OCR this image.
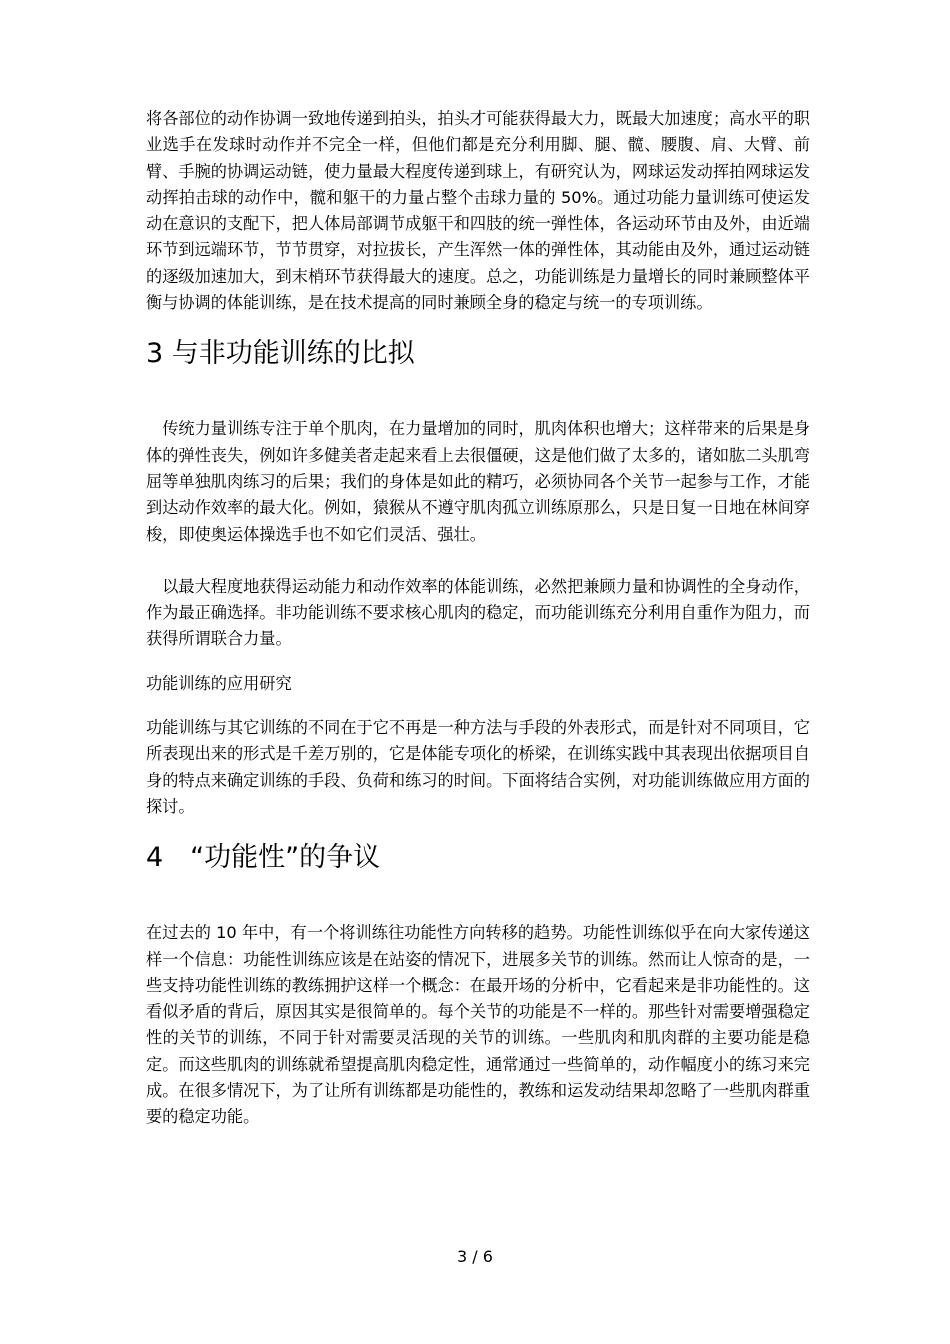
将各部位的动作协调一致地传递到拍头，拍头才可能获得最大力，既最大加速度；高水平的职业选手在发球时动作并不完全一样，但他们都是充分利用脚、腿、髋、腰腹、肩、大臂、前臂、手腕的协调运动链，使力量最大程度传递到球上，有研究认为，网球运发动挥拍网球运发动挥拍击球的动作中，髋和躯干的力量占整个击球力量的 50%。通过功能力量训练可使运发动在意识的支配下，把人体局部调节成躯干和四肢的统一弹性体，各运动环节由及外，由近端环节到远端环节，节节贯穿，对拉拔长，产生浑然一体的弹性体，其动能由及外，通过运动链的逐级加速加大，到末梢环节获得最大的速度。总之，功能训练是力量增长的同时兼顾整体平衡与协调的体能训练，是在技术提高的同时兼顾全身的稳定与统一的专项训练。

3 与非功能训练的比拟

传统力量训练专注于单个肌肉，在力量增加的同时，肌肉体积也增大；这样带来的后果是身体的弹性丧失，例如许多健美者走起来看上去很僵硬，这是他们做了太多的，诸如肱二头肌弯屈等单独肌肉练习的后果；我们的身体是如此的精巧，必须协同各个关节一起参与工作，才能到达动作效率的最大化。例如，猿猴从不遵守肌肉孤立训练原那么，只是日复一日地在林间穿梭，即使奥运体操选手也不如它们灵活、强壮。

以最大程度地获得运动能力和动作效率的体能训练，必然把兼顾力量和协调性的全身动作，作为最正确选择。非功能训练不要求核心肌肉的稳定，而功能训练充分利用自重作为阻力，而获得所谓联合力量。

功能训练的应用研究

功能训练与其它训练的不同在于它不再是一种方法与手段的外表形式，而是针对不同项目，它所表现出来的形式是千差万别的，它是体能专项化的桥梁，在训练实践中其表现出依据项目自身的特点来确定训练的手段、负荷和练习的时间。下面将结合实例，对功能训练做应用方面的探讨。

4　“功能性”的争议

在过去的 10 年中，有一个将训练往功能性方向转移的趋势。功能性训练似乎在向大家传递这样一个信息：功能性训练应该是在站姿的情况下，进展多关节的训练。然而让人惊奇的是，一些支持功能性训练的教练拥护这样一个概念：在最开场的分析中，它看起来是非功能性的。这看似矛盾的背后，原因其实是很简单的。每个关节的功能是不一样的。那些针对需要增强稳定性的关节的训练，不同于针对需要灵活现的关节的训练。一些肌肉和肌肉群的主要功能是稳定。而这些肌肉的训练就希望提高肌肉稳定性，通常通过一些简单的，动作幅度小的练习来完成。在很多情况下，为了让所有训练都是功能性的，教练和运发动结果却忽略了一些肌肉群重要的稳定功能。

3 / 6
